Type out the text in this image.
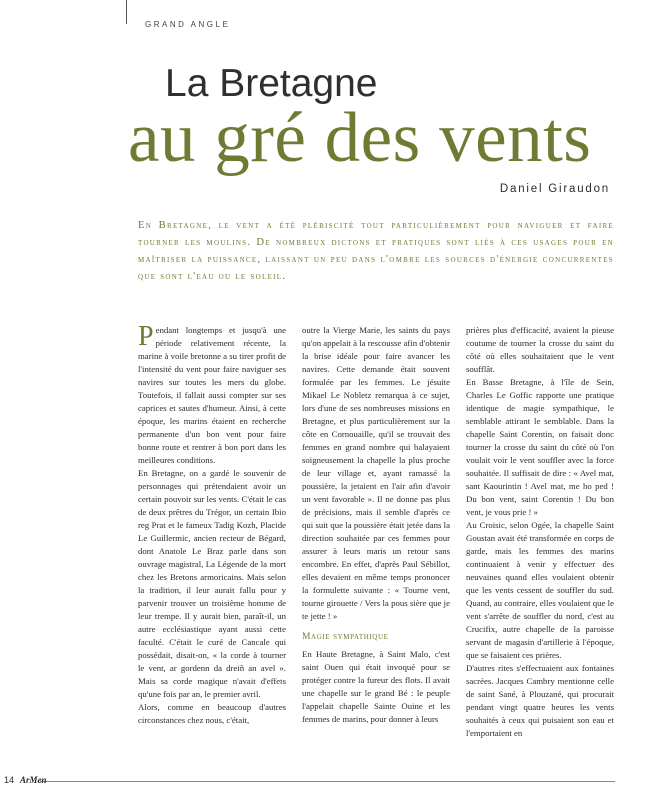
GRAND ANGLE
La Bretagne
au gré des vents
Daniel Giraudon
En Bretagne, le vent a été plébiscité tout particulièrement pour naviguer et faire tourner les moulins. De nombreux dictons et pratiques sont liés à ces usages pour en maîtriser la puissance, laissant un peu dans l'ombre les sources d'énergie concurrentes que sont l'eau ou le soleil.
P endant longtemps et jusqu'à une période relativement récente, la marine à voile bretonne a su tirer profit de l'intensité du vent pour faire naviguer ses navires sur toutes les mers du globe. Toutefois, il fallait aussi compter sur ses caprices et sautes d'humeur. Ainsi, à cette époque, les marins étaient en recherche permanente d'un bon vent pour faire bonne route et rentrer à bon port dans les meilleures conditions.

En Bretagne, on a gardé le souvenir de personnages qui prétendaient avoir un certain pouvoir sur les vents. C'était le cas de deux prêtres du Trégor, un certain Ibio reg Prat et le fameux Tadig Kozh, Placide Le Guillermic, ancien recteur de Bégard, dont Anatole Le Braz parle dans son ouvrage magistral, La Légende de la mort chez les Bretons armoricains. Mais selon la tradition, il leur aurait fallu pour y parvenir trouver un troisième homme de leur trempe. Il y aurait bien, paraît-il, un autre ecclésiastique ayant aussi cette faculté. C'était le curé de Cancale qui possédait, disait-on, « la corde à tourner le vent, ar gordenn da dreiñ an avel ». Mais sa corde magique n'avait d'effets qu'une fois par an, le premier avril.

Alors, comme en beaucoup d'autres circonstances chez nous, c'était,

outre la Vierge Marie, les saints du pays qu'on appelait à la rescousse afin d'obtenir la brise idéale pour faire avancer les navires. Cette demande était souvent formulée par les femmes. Le jésuite Mikael Le Nobletz remarqua à ce sujet, lors d'une de ses nombreuses missions en Bretagne, et plus particulièrement sur la côte en Cornouaille, qu'il se trouvait des femmes en grand nombre qui balayaient soigneusement la chapelle la plus proche de leur village et, ayant ramassé la poussière, la jetaient en l'air afin d'avoir un vent favorable ». Il ne donne pas plus de précisions, mais il semble d'après ce qui suit que la poussière était jetée dans la direction souhaitée par ces femmes pour assurer à leurs maris un retour sans encombre. En effet, d'après Paul Sébillot, elles devaient en même temps prononcer la formulette suivante : « Tourne vent, tourne girouette / Vers la pous sière que je te jette ! »

Magie sympathique

En Haute Bretagne, à Saint Malo, c'est saint Ouen qui était invoqué pour se protéger contre la fureur des flots. Il avait une chapelle sur le grand Bé : le peuple l'appelait chapelle Sainte Ouine et les femmes de marins, pour donner à leurs

prières plus d'efficacité, avaient la pieuse coutume de tourner la crosse du saint du côté où elles souhaitaient que le vent soufflât.

En Basse Bretagne, à l'île de Sein, Charles Le Goffic rapporte une pratique identique de magie sympathique, le semblable attirant le semblable. Dans la chapelle Saint Corentin, on faisait donc tourner la crosse du saint du côté où l'on voulait voir le vent souffler avec la force souhaitée. Il suffisait de dire : « Avel mat, sant Kaourintin ! Avel mat, me ho ped ! Du bon vent, saint Corentin ! Du bon vent, je vous prie ! »

Au Croisic, selon Ogée, la chapelle Saint Goustan avait été transformée en corps de garde, mais les femmes des marins continuaient à venir y effectuer des neuvaines quand elles voulaient obtenir que les vents cessent de souffler du sud. Quand, au contraire, elles voulaient que le vent s'arrête de souffler du nord, c'est au Crucifix, autre chapelle de la paroisse servant de magasin d'artillerie à l'époque, que se faisaient ces prières.

D'autres rites s'effectuaient aux fontaines sacrées. Jacques Cambry mentionne celle de saint Sané, à Plouzané, qui procurait pendant vingt quatre heures les vents souhaités à ceux qui puisaient son eau et l'emportaient en

14 ArMen
